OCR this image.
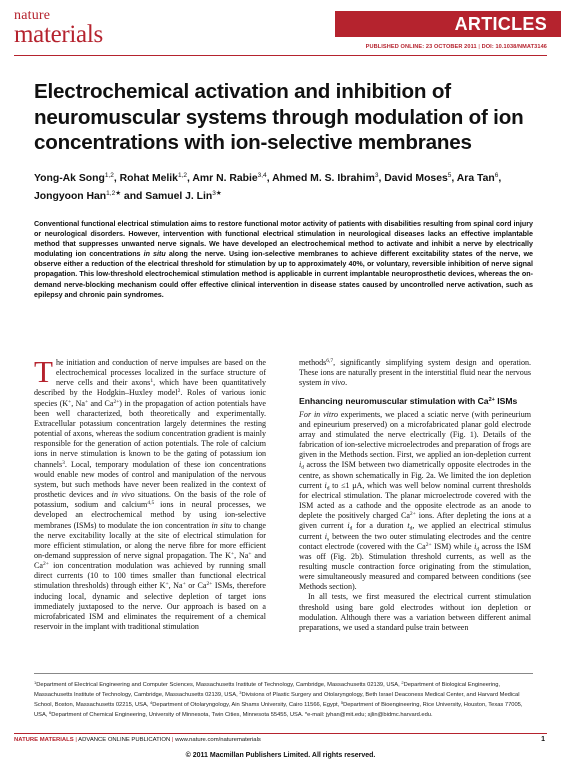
nature
materials	ARTICLES
PUBLISHED ONLINE: 23 OCTOBER 2011 | DOI: 10.1038/NMAT3146
Electrochemical activation and inhibition of neuromuscular systems through modulation of ion concentrations with ion-selective membranes
Yong-Ak Song$^{1,2}$, Rohat Melik$^{1,2}$, Amr N. Rabie$^{3,4}$, Ahmed M. S. Ibrahim$^3$, David Moses$^5$, Ara Tan$^6$, Jongyoon Han$^{1,2★}$ and Samuel J. Lin$^{3★}$
Conventional functional electrical stimulation aims to restore functional motor activity of patients with disabilities resulting from spinal cord injury or neurological disorders. However, intervention with functional electrical stimulation in neurological diseases lacks an effective implantable method that suppresses unwanted nerve signals. We have developed an electrochemical method to activate and inhibit a nerve by electrically modulating ion concentrations in situ along the nerve. Using ion-selective membranes to achieve different excitability states of the nerve, we observe either a reduction of the electrical threshold for stimulation by up to approximately 40%, or voluntary, reversible inhibition of nerve signal propagation. This low-threshold electrochemical stimulation method is applicable in current implantable neuroprosthetic devices, whereas the on-demand nerve-blocking mechanism could offer effective clinical intervention in disease states caused by uncontrolled nerve activation, such as epilepsy and chronic pain syndromes.

The initiation and conduction of nerve impulses are based on the electrochemical processes localized in the surface structure of nerve cells and their axons$^1$, which have been quantitatively described by the Hodgkin–Huxley model$^2$. Roles of various ionic species (K+, Na+ and $Ca^{2+}$) in the propagation of action potentials have been well characterized, both theoretically and experimentally. Extracellular potassium concentration largely determines the resting potential of axons, whereas the sodium concentration gradient is mainly responsible for the generation of action potentials. The role of calcium ions in nerve stimulation is known to be the gating of potassium ion channels$^3$. Local, temporary modulation of these ion concentrations would enable new modes of control and manipulation of the nervous system, but such methods have never been realized in the context of prosthetic devices and in vivo situations. On the basis of the role of potassium, sodium and calcium$^{4,5}$ ions in neural processes, we developed an electrochemical method by using ion-selective membranes (ISMs) to modulate the ion concentration in situ to change the nerve excitability locally at the site of electrical stimulation for more efficient stimulation, or along the nerve fibre for more efficient on-demand suppression of nerve signal propagation. The K+, Na+ and $Ca^{2+}$ ion concentration modulation was achieved by running small direct currents (10 to 100 times smaller than functional electrical stimulation thresholds) through either K+, Na+ or $Ca^{2+}$ ISMs, therefore inducing local, dynamic and selective depletion of target ions immediately juxtaposed to the nerve. Our approach is based on a microfabricated ISM and eliminates the requirement of a chemical reservoir in the implant with traditional stimulation

methods$^{6,7}$, significantly simplifying system design and operation. These ions are naturally present in the interstitial fluid near the nervous system in vivo.

Enhancing neuromuscular stimulation with $Ca^{2+}$ ISMs

For in vitro experiments, we placed a sciatic nerve (with perineurium and epineurium preserved) on a microfabricated planar gold electrode array and stimulated the nerve electrically (Fig. 1). Details of the fabrication of ion-selective microelectrodes and preparation of frogs are given in the Methods section. First, we applied an ion-depletion current $i_d$ across the ISM between two diametrically opposite electrodes in the centre, as shown schematically in Fig. 2a. We limited the ion depletion current $i_d$ to ≤1 μA, which was well below nominal current thresholds for electrical stimulation. The planar microelectrode covered with the ISM acted as a cathode and the opposite electrode as an anode to deplete the positively charged $Ca^{2+}$ ions. After depleting the ions at a given current $i_d$ for a duration $t_d$, we applied an electrical stimulus current $i_s$ between the two outer stimulating electrodes and the centre contact electrode (covered with the $Ca^{2+}$ ISM) while $i_d$ across the ISM was off (Fig. 2b). Stimulation threshold currents, as well as the resulting muscle contraction force originating from the stimulation, were simultaneously measured and compared between conditions (see Methods section).

In all tests, we first measured the electrical current stimulation threshold using bare gold electrodes without ion depletion or modulation. Although there was a variation between different animal preparations, we used a standard pulse train between

$^1$Department of Electrical Engineering and Computer Sciences, Massachusetts Institute of Technology, Cambridge, Massachusetts 02139, USA, $^2$Department of Biological Engineering, Massachusetts Institute of Technology, Cambridge, Massachusetts 02139, USA, $^3$Divisions of Plastic Surgery and Otolaryngology, Beth Israel Deaconess Medical Center, and Harvard Medical School, Boston, Massachusetts 02215, USA, $^4$Department of Otolaryngology, Ain Shams University, Cairo 11566, Egypt, $^5$Department of Bioengineering, Rice University, Houston, Texas 77005, USA, $^6$Department of Chemical Engineering, University of Minnesota, Twin Cities, Minnesota 55455, USA. *e-mail: jyhan@mit.edu; sjlin@bidmc.harvard.edu.
NATURE MATERIALS | ADVANCE ONLINE PUBLICATION | www.nature.com/naturematerials	1
© 2011 Macmillan Publishers Limited. All rights reserved.
